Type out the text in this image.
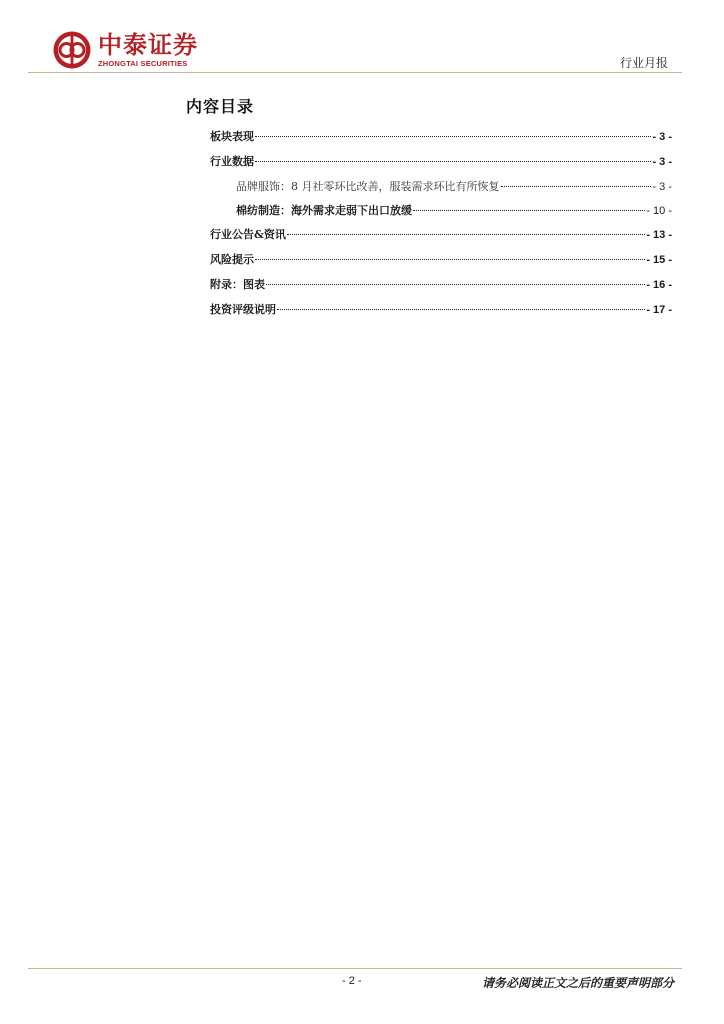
中泰证券
ZHONGTAI SECURITIES	行业月报
内容目录
板块表现	- 3 -
行业数据	- 3 -
品牌服饰：8 月社零环比改善，服装需求环比有所恢复	- 3 -
棉纺制造：海外需求走弱下出口放缓	- 10 -
行业公告&资讯	- 13 -
风险提示	- 15 -
附录：图表	- 16 -
投资评级说明	- 17 -
- 2 -	请务必阅读正文之后的重要声明部分
